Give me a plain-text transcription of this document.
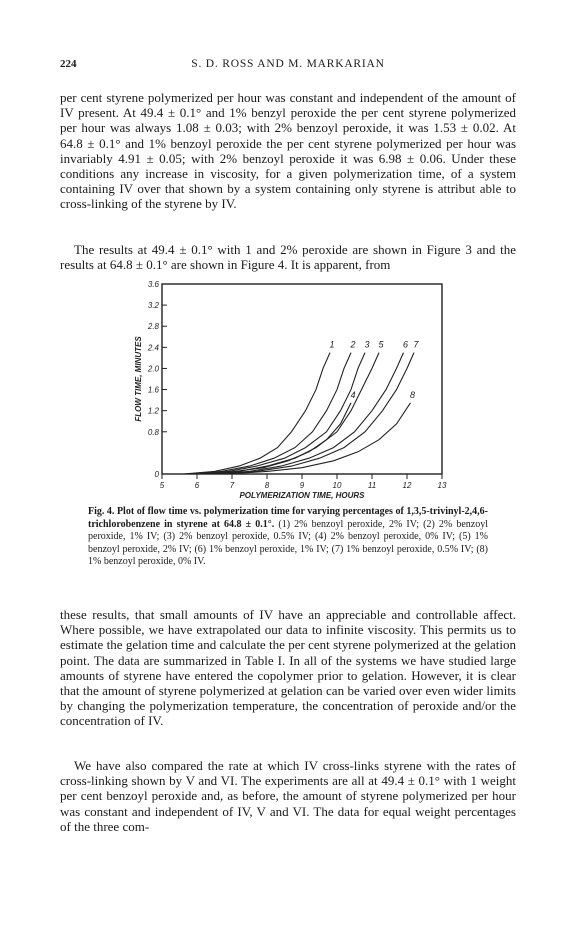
224	S. D. ROSS AND M. MARKARIAN

per cent styrene polymerized per hour was constant and independent of the amount of IV present. At 49.4 ± 0.1° and 1% benzyl peroxide the per cent styrene polymerized per hour was always 1.08 ± 0.03; with 2% benzoyl peroxide, it was 1.53 ± 0.02. At 64.8 ± 0.1° and 1% benzoyl peroxide the per cent styrene polymerized per hour was invariably 4.91 ± 0.05; with 2% benzoyl peroxide it was 6.98 ± 0.06. Under these conditions any increase in viscosity, for a given polymerization time, of a system containing IV over that shown by a system containing only styrene is attribut able to cross-linking of the styrene by IV.

The results at 49.4 ± 0.1° with 1 and 2% peroxide are shown in Figure 3 and the results at 64.8 ± 0.1° are shown in Figure 4. It is apparent, from

0
0.8
1.2
1.6
2.0
2.4
2.8
3.2
3.6
5	6	7	8	9	10	11	12	13
POLYMERIZATION TIME, HOURS
FLOW TIME, MINUTES	1 2 3
4
5 6 7
8

Fig. 4. Plot of flow time vs. polymerization time for varying percentages of 1,3,5-trivinyl-2,4,6-trichlorobenzene in styrene at 64.8 ± 0.1°. (1) 2% benzoyl peroxide, 2% IV; (2) 2% benzoyl peroxide, 1% IV; (3) 2% benzoyl peroxide, 0.5% IV; (4) 2% benzoyl peroxide, 0% IV; (5) 1% benzoyl peroxide, 2% IV; (6) 1% benzoyl peroxide, 1% IV; (7) 1% benzoyl peroxide, 0.5% IV; (8) 1% benzoyl peroxide, 0% IV.

these results, that small amounts of IV have an appreciable and controllable affect. Where possible, we have extrapolated our data to infinite viscosity. This permits us to estimate the gelation time and calculate the per cent styrene polymerized at the gelation point. The data are summarized in Table I. In all of the systems we have studied large amounts of styrene have entered the copolymer prior to gelation. However, it is clear that the amount of styrene polymerized at gelation can be varied over even wider limits by changing the polymerization temperature, the concentration of peroxide and/or the concentration of IV.

We have also compared the rate at which IV cross-links styrene with the rates of cross-linking shown by V and VI. The experiments are all at 49.4 ± 0.1° with 1 weight per cent benzoyl peroxide and, as before, the amount of styrene polymerized per hour was constant and independent of IV, V and VI. The data for equal weight percentages of the three com-
